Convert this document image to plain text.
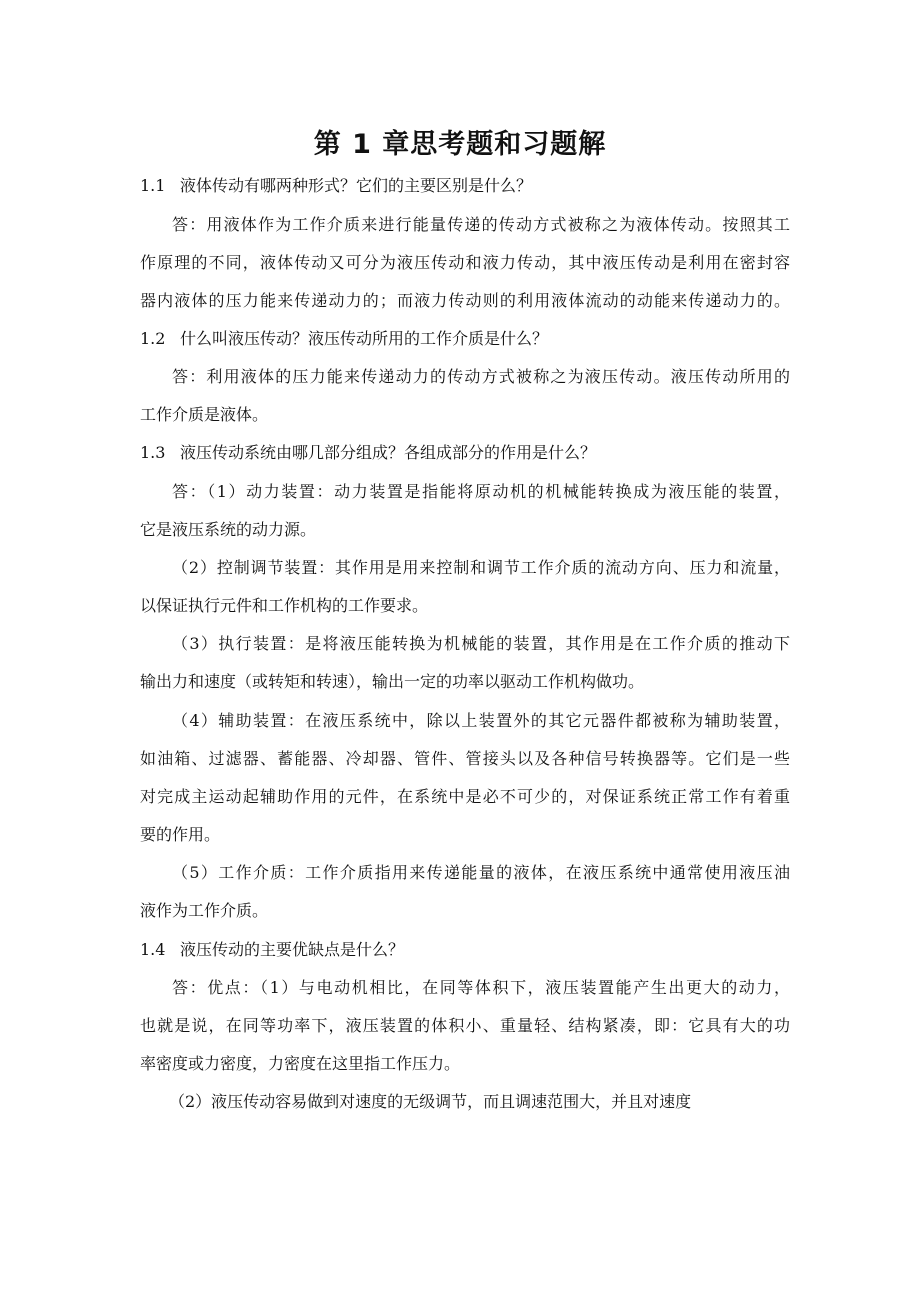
第 1 章思考题和习题解
1.1 液体传动有哪两种形式？它们的主要区别是什么？
答：用液体作为工作介质来进行能量传递的传动方式被称之为液体传动。按照其工
作原理的不同，液体传动又可分为液压传动和液力传动，其中液压传动是利用在密封容
器内液体的压力能来传递动力的；而液力传动则的利用液体流动的动能来传递动力的。
1.2 什么叫液压传动？液压传动所用的工作介质是什么？
答：利用液体的压力能来传递动力的传动方式被称之为液压传动。液压传动所用的
工作介质是液体。
1.3 液压传动系统由哪几部分组成？各组成部分的作用是什么？
答：（1）动力装置：动力装置是指能将原动机的机械能转换成为液压能的装置，
它是液压系统的动力源。
（2）控制调节装置：其作用是用来控制和调节工作介质的流动方向、压力和流量，
以保证执行元件和工作机构的工作要求。
（3）执行装置：是将液压能转换为机械能的装置，其作用是在工作介质的推动下
输出力和速度（或转矩和转速），输出一定的功率以驱动工作机构做功。
（4）辅助装置：在液压系统中，除以上装置外的其它元器件都被称为辅助装置，
如油箱、过滤器、蓄能器、冷却器、管件、管接头以及各种信号转换器等。它们是一些
对完成主运动起辅助作用的元件，在系统中是必不可少的，对保证系统正常工作有着重
要的作用。
（5）工作介质：工作介质指用来传递能量的液体，在液压系统中通常使用液压油
液作为工作介质。
1.4 液压传动的主要优缺点是什么？
答：优点：（1）与电动机相比，在同等体积下，液压装置能产生出更大的动力，
也就是说，在同等功率下，液压装置的体积小、重量轻、结构紧凑，即：它具有大的功
率密度或力密度，力密度在这里指工作压力。
（2）液压传动容易做到对速度的无级调节，而且调速范围大，并且对速度
